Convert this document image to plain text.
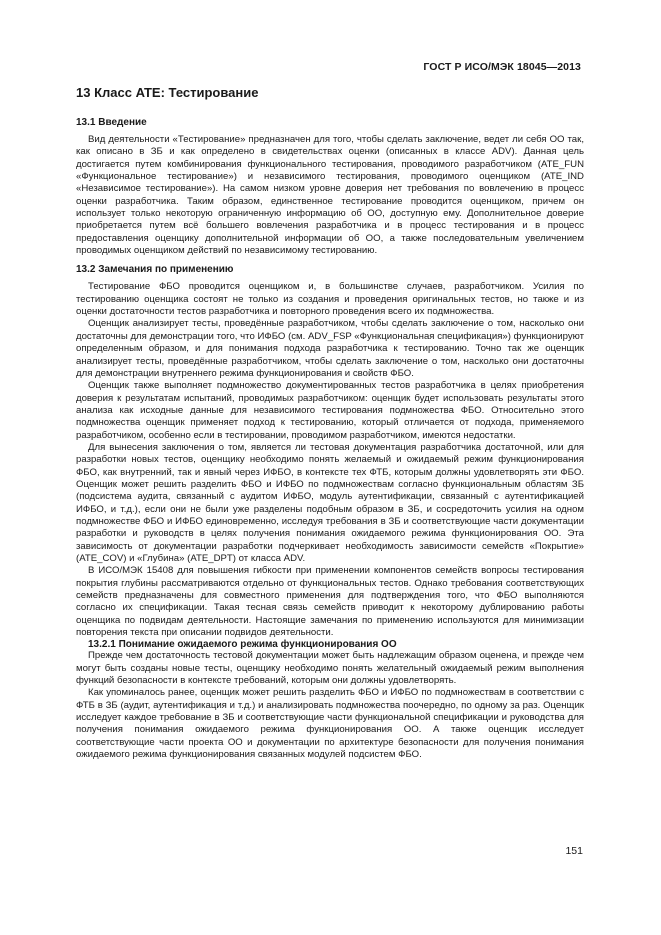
ГОСТ Р ИСО/МЭК 18045—2013
13 Класс ATE: Тестирование
13.1 Введение

Вид деятельности «Тестирование» предназначен для того, чтобы сделать заключение, ведет ли себя ОО так, как описано в ЗБ и как определено в свидетельствах оценки (описанных в классе ADV). Данная цель достигается путем комбинирования функционального тестирования, проводимого разработчиком (ATE_FUN «Функциональное тестирование») и независимого тестирования, проводимого оценщиком (ATE_IND «Независимое тестирование»). На самом низком уровне доверия нет требования по вовлечению в процесс оценки разработчика. Таким образом, единственное тестирование проводится оценщиком, причем он использует только некоторую ограниченную информацию об ОО, доступную ему. Дополнительное доверие приобретается путем всё большего вовлечения разработчика и в процесс тестирования и в процесс предоставления оценщику дополнительной информации об ОО, а также последовательным увеличением проводимых оценщиком действий по независимому тестированию.

13.2 Замечания по применению

Тестирование ФБО проводится оценщиком и, в большинстве случаев, разработчиком. Усилия по тестированию оценщика состоят не только из создания и проведения оригинальных тестов, но также и из оценки достаточности тестов разработчика и повторного проведения всего их подмножества.

Оценщик анализирует тесты, проведённые разработчиком, чтобы сделать заключение о том, насколько они достаточны для демонстрации того, что ИФБО (см. ADV_FSP «Функциональная спецификация») функционируют определенным образом, и для понимания подхода разработчика к тестированию. Точно так же оценщик анализирует тесты, проведённые разработчиком, чтобы сделать заключение о том, насколько они достаточны для демонстрации внутреннего режима функционирования и свойств ФБО.

Оценщик также выполняет подмножество документированных тестов разработчика в целях приобретения доверия к результатам испытаний, проводимых разработчиком: оценщик будет использовать результаты этого анализа как исходные данные для независимого тестирования подмножества ФБО. Относительно этого подмножества оценщик применяет подход к тестированию, который отличается от подхода, применяемого разработчиком, особенно если в тестировании, проводимом разработчиком, имеются недостатки.

Для вынесения заключения о том, является ли тестовая документация разработчика достаточной, или для разработки новых тестов, оценщику необходимо понять желаемый и ожидаемый режим функционирования ФБО, как внутренний, так и явный через ИФБО, в контексте тех ФТБ, которым должны удовлетворять эти ФБО. Оценщик может решить разделить ФБО и ИФБО по подмножествам согласно функциональным областям ЗБ (подсистема аудита, связанный с аудитом ИФБО, модуль аутентификации, связанный с аутентификацией ИФБО, и т.д.), если они не были уже разделены подобным образом в ЗБ, и сосредоточить усилия на одном подмножестве ФБО и ИФБО единовременно, исследуя требования в ЗБ и соответствующие части документации разработки и руководств в целях получения понимания ожидаемого режима функционирования ОО. Эта зависимость от документации разработки подчеркивает необходимость зависимости семейств «Покрытие» (ATE_COV) и «Глубина» (ATE_DPT) от класса ADV.

В ИСО/МЭК 15408 для повышения гибкости при применении компонентов семейств вопросы тестирования покрытия глубины рассматриваются отдельно от функциональных тестов. Однако требования соответствующих семейств предназначены для совместного применения для подтверждения того, что ФБО выполняются согласно их спецификации. Такая тесная связь семейств приводит к некоторому дублированию работы оценщика по подвидам деятельности. Настоящие замечания по применению используются для минимизации повторения текста при описании подвидов деятельности.

13.2.1 Понимание ожидаемого режима функционирования ОО

Прежде чем достаточность тестовой документации может быть надлежащим образом оценена, и прежде чем могут быть созданы новые тесты, оценщику необходимо понять желательный ожидаемый режим выполнения функций безопасности в контексте требований, которым они должны удовлетворять.

Как упоминалось ранее, оценщик может решить разделить ФБО и ИФБО по подмножествам в соответствии с ФТБ в ЗБ (аудит, аутентификация и т.д.) и анализировать подмножества поочередно, по одному за раз. Оценщик исследует каждое требование в ЗБ и соответствующие части функциональной спецификации и руководства для получения понимания ожидаемого режима функционирования ОО. А также оценщик исследует соответствующие части проекта ОО и документации по архитектуре безопасности для получения понимания ожидаемого режима функционирования связанных модулей подсистем ФБО.

151
